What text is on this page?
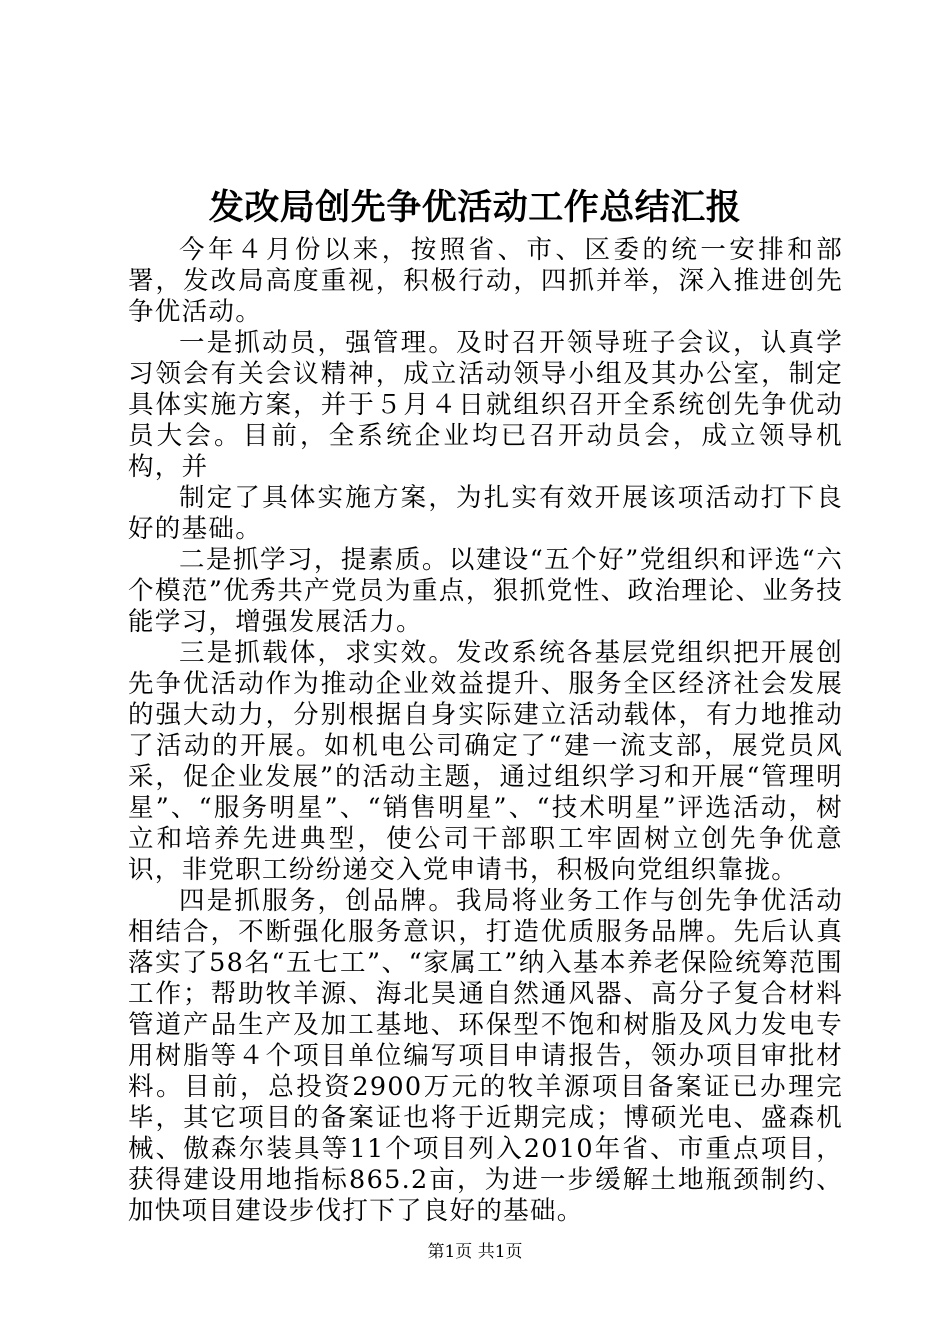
发改局创先争优活动工作总结汇报

今年４月份以来，按照省、市、区委的统一安排和部署，发改局高度重视，积极行动，四抓并举，深入推进创先争优活动。

一是抓动员，强管理。及时召开领导班子会议，认真学习领会有关会议精神，成立活动领导小组及其办公室，制定具体实施方案，并于５月４日就组织召开全系统创先争优动员大会。目前，全系统企业均已召开动员会，成立领导机构，并

制定了具体实施方案，为扎实有效开展该项活动打下良好的基础。

二是抓学习，提素质。以建设“五个好”党组织和评选“六个模范”优秀共产党员为重点，狠抓党性、政治理论、业务技能学习，增强发展活力。

三是抓载体，求实效。发改系统各基层党组织把开展创先争优活动作为推动企业效益提升、服务全区经济社会发展的强大动力，分别根据自身实际建立活动载体，有力地推动了活动的开展。如机电公司确定了“建一流支部，展党员风采，促企业发展”的活动主题，通过组织学习和开展“管理明星”、“服务明星”、“销售明星”、“技术明星”评选活动，树立和培养先进典型，使公司干部职工牢固树立创先争优意识，非党职工纷纷递交入党申请书，积极向党组织靠拢。

四是抓服务，创品牌。我局将业务工作与创先争优活动相结合，不断强化服务意识，打造优质服务品牌。先后认真落实了58名“五七工”、“家属工”纳入基本养老保险统筹范围工作；帮助牧羊源、海北昊通自然通风器、高分子复合材料管道产品生产及加工基地、环保型不饱和树脂及风力发电专用树脂等４个项目单位编写项目申请报告，领办项目审批材料。目前，总投资2900万元的牧羊源项目备案证已办理完毕，其它项目的备案证也将于近期完成；博硕光电、盛森机械、傲森尔装具等11个项目列入2010年省、市重点项目，获得建设用地指标865.2亩，为进一步缓解土地瓶颈制约、加快项目建设步伐打下了良好的基础。

第1页 共1页
